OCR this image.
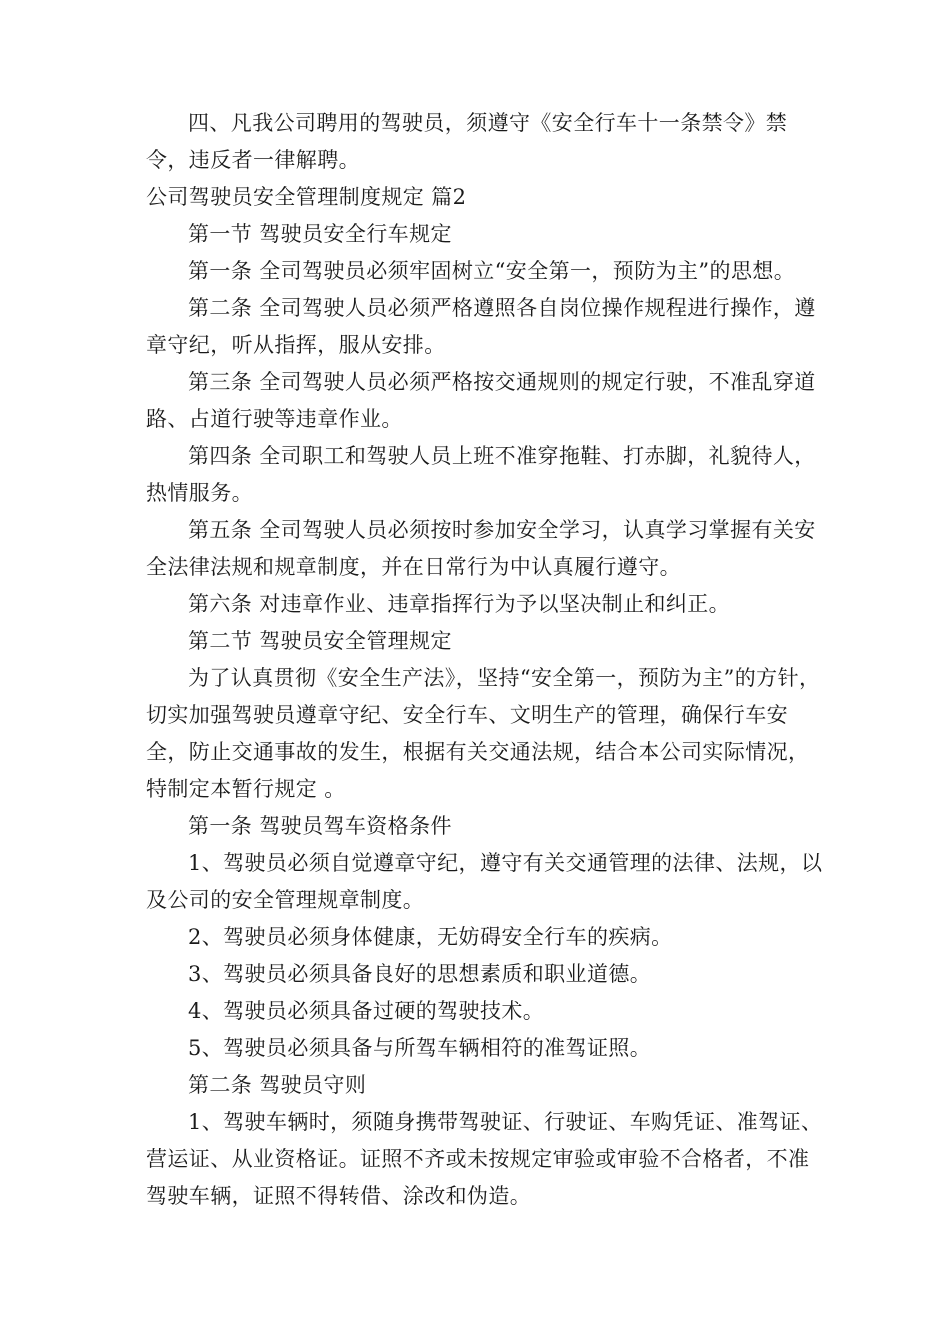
四、凡我公司聘用的驾驶员，须遵守《安全行车十一条禁令》禁令，违反者一律解聘。

公司驾驶员安全管理制度规定 篇2

第一节 驾驶员安全行车规定

第一条 全司驾驶员必须牢固树立“安全第一，预防为主”的思想。

第二条 全司驾驶人员必须严格遵照各自岗位操作规程进行操作，遵章守纪，听从指挥，服从安排。

第三条 全司驾驶人员必须严格按交通规则的规定行驶，不准乱穿道路、占道行驶等违章作业。

第四条 全司职工和驾驶人员上班不准穿拖鞋、打赤脚，礼貌待人，热情服务。

第五条 全司驾驶人员必须按时参加安全学习，认真学习掌握有关安全法律法规和规章制度，并在日常行为中认真履行遵守。

第六条 对违章作业、违章指挥行为予以坚决制止和纠正。

第二节 驾驶员安全管理规定

为了认真贯彻《安全生产法》，坚持“安全第一，预防为主”的方针，切实加强驾驶员遵章守纪、安全行车、文明生产的管理，确保行车安全，防止交通事故的发生，根据有关交通法规，结合本公司实际情况，特制定本暂行规定 。

第一条 驾驶员驾车资格条件

1、驾驶员必须自觉遵章守纪，遵守有关交通管理的法律、法规，以及公司的安全管理规章制度。

2、驾驶员必须身体健康，无妨碍安全行车的疾病。

3、驾驶员必须具备良好的思想素质和职业道德。

4、驾驶员必须具备过硬的驾驶技术。

5、驾驶员必须具备与所驾车辆相符的准驾证照。

第二条 驾驶员守则

1、驾驶车辆时，须随身携带驾驶证、行驶证、车购凭证、准驾证、营运证、从业资格证。证照不齐或未按规定审验或审验不合格者，不准驾驶车辆，证照不得转借、涂改和伪造。
